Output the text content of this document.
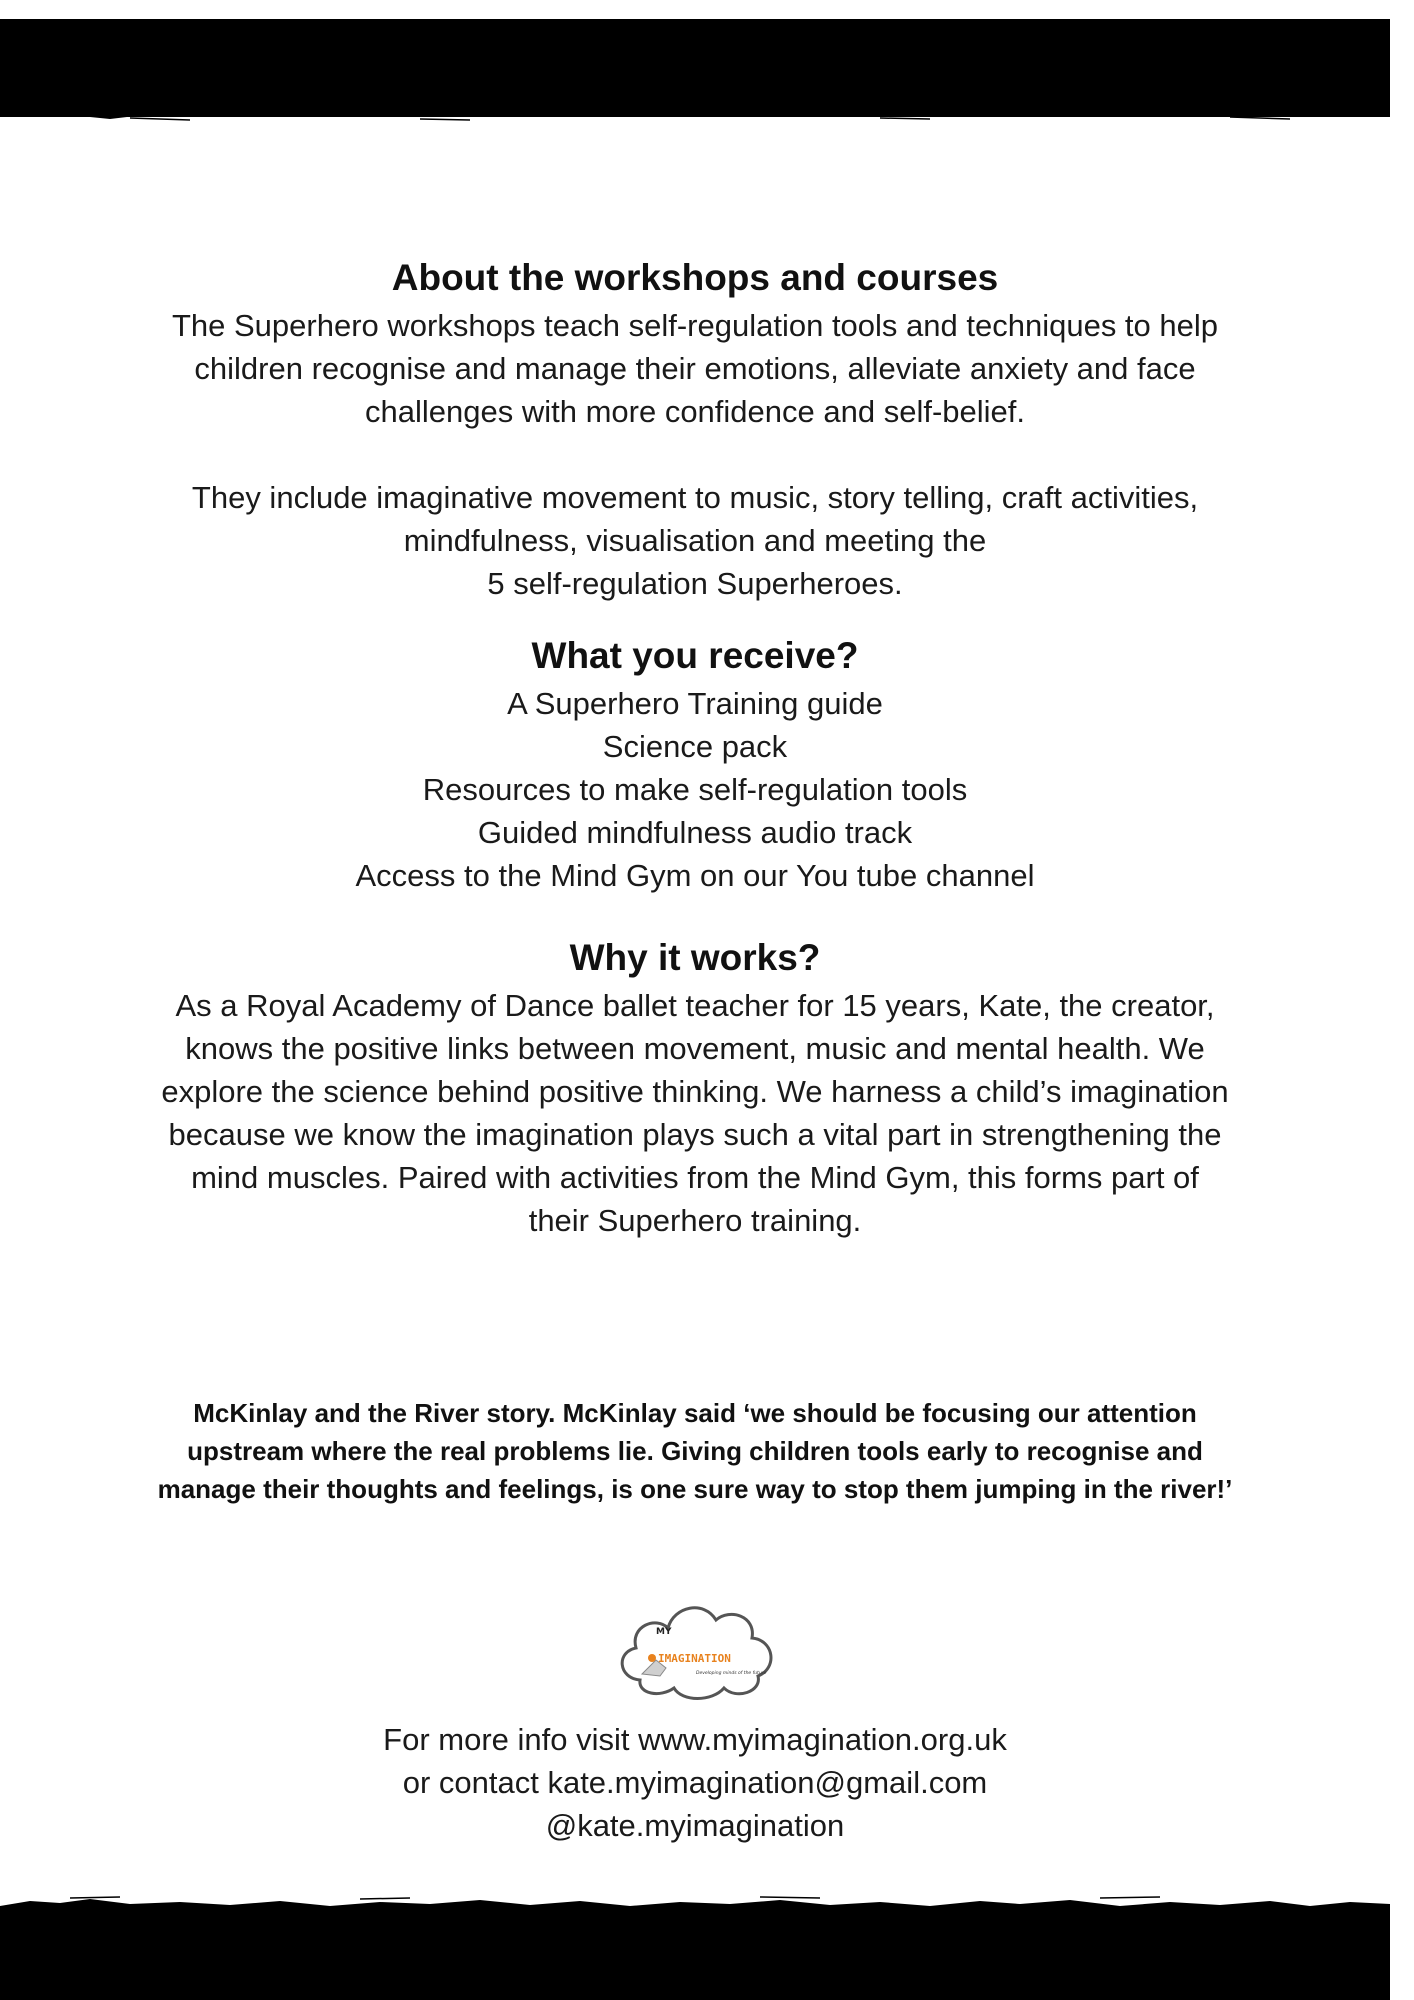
About the workshops and courses

The Superhero workshops teach self-regulation tools and techniques to help
children recognise and manage their emotions, alleviate anxiety and face
challenges with more confidence and self-belief.

They include imaginative movement to music, story telling, craft activities,
mindfulness, visualisation and meeting the
5 self-regulation Superheroes.

What you receive?
A Superhero Training guide
Science pack
Resources to make self-regulation tools
Guided mindfulness audio track
Access to the Mind Gym on our You tube channel
Why it works?

As a Royal Academy of Dance ballet teacher for 15 years, Kate, the creator,
knows the positive links between movement, music and mental health. We
explore the science behind positive thinking. We harness a child’s imagination
because we know the imagination plays such a vital part in strengthening the
mind muscles. Paired with activities from the Mind Gym, this forms part of
their Superhero training.

McKinlay and the River story. McKinlay said ‘we should be focusing our attention
upstream where the real problems lie. Giving children tools early to recognise and
manage their thoughts and feelings, is one sure way to stop them jumping in the river!’
MY
IMAGINATION
Developing minds of the future
For more info visit www.myimagination.org.uk
or contact kate.myimagination@gmail.com
@kate.myimagination
